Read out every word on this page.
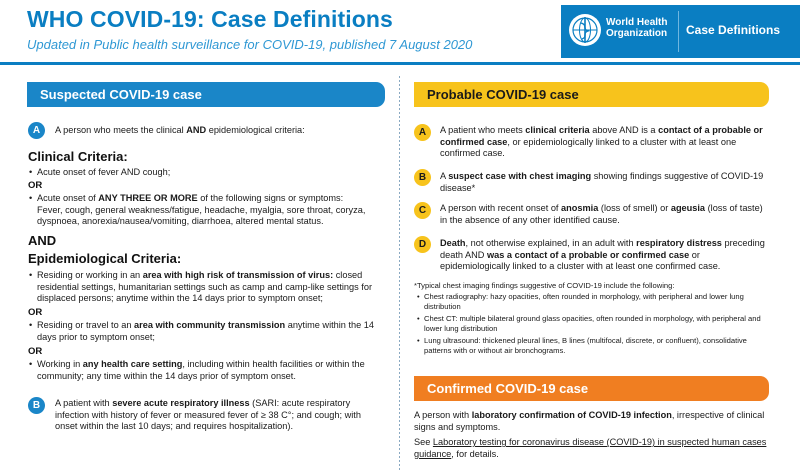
WHO COVID-19: Case Definitions
Updated in Public health surveillance for COVID-19, published 7 August 2020
World Health
Organization	Case Definitions
Suspected COVID-19 case
A	A person who meets the clinical AND epidemiological criteria:
Clinical Criteria:
• Acute onset of fever AND cough;
OR
• Acute onset of ANY THREE OR MORE of the following signs or symptoms:
Fever, cough, general weakness/fatigue, headache, myalgia, sore throat, coryza, dyspnoea, anorexia/nausea/vomiting, diarrhoea, altered mental status.
AND
Epidemiological Criteria:
• Residing or working in an area with high risk of transmission of virus: closed residential settings, humanitarian settings such as camp and camp-like settings for displaced persons; anytime within the 14 days prior to symptom onset;
OR
• Residing or travel to an area with community transmission anytime within the 14 days prior to symptom onset;
OR
• Working in any health care setting, including within health facilities or within the community; any time within the 14 days prior of symptom onset.
B	A patient with severe acute respiratory illness (SARI: acute respiratory infection with history of fever or measured fever of ≥ 38 C°; and cough; with onset within the last 10 days; and requires hospitalization).
Probable COVID-19 case
A	A patient who meets clinical criteria above AND is a contact of a probable or confirmed case, or epidemiologically linked to a cluster with at least one confirmed case.
B	A suspect case with chest imaging showing findings suggestive of COVID-19 disease*
C	A person with recent onset of anosmia (loss of smell) or ageusia (loss of taste) in the absence of any other identified cause.
D	Death, not otherwise explained, in an adult with respiratory distress preceding death AND was a contact of a probable or confirmed case or epidemiologically linked to a cluster with at least one confirmed case.
*Typical chest imaging findings suggestive of COVID-19 include the following:
• Chest radiography: hazy opacities, often rounded in morphology, with peripheral and lower lung distribution
• Chest CT: multiple bilateral ground glass opacities, often rounded in morphology, with peripheral and lower lung distribution
• Lung ultrasound: thickened pleural lines, B lines (multifocal, discrete, or confluent), consolidative patterns with or without air bronchograms.
Confirmed COVID-19 case
A person with laboratory confirmation of COVID-19 infection, irrespective of clinical signs and symptoms.
See Laboratory testing for coronavirus disease (COVID-19) in suspected human cases guidance, for details.
